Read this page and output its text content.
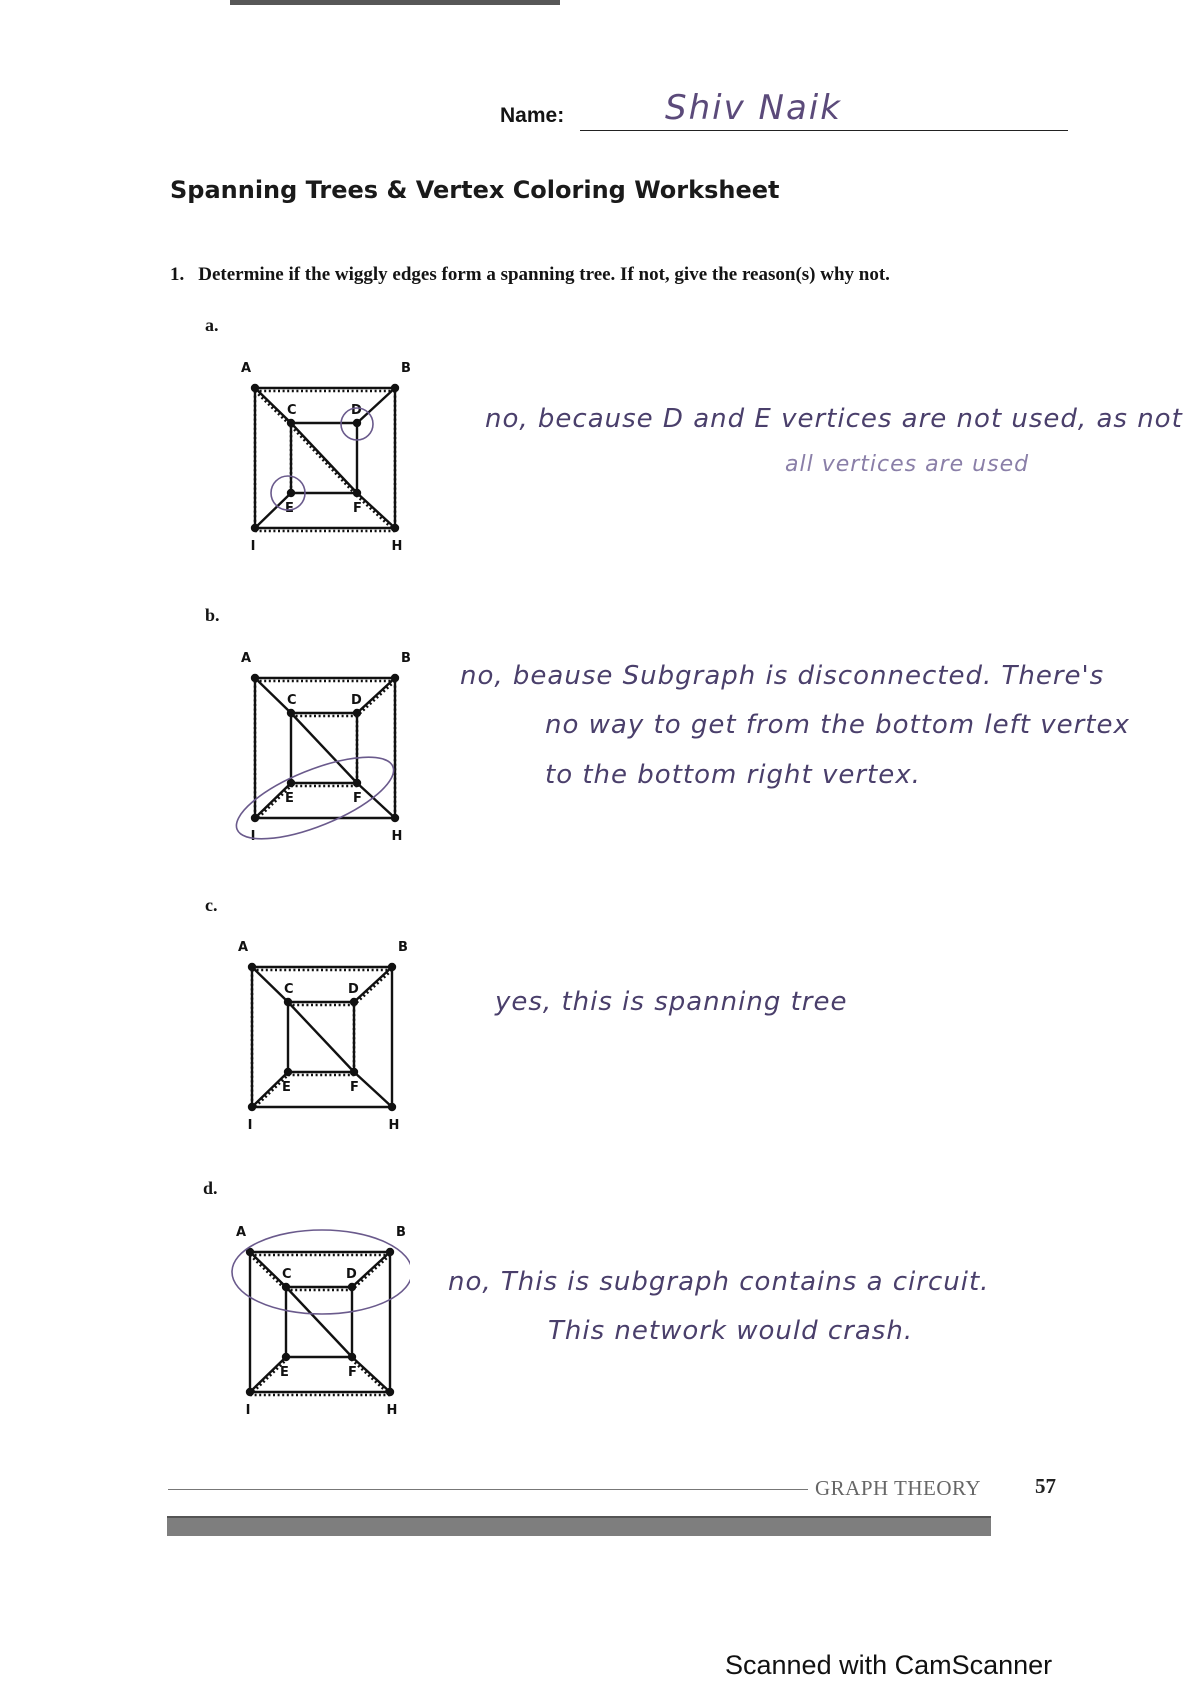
Name:	Shiv Naik
Spanning Trees & Vertex Coloring Worksheet
1. Determine if the wiggly edges form a spanning tree. If not, give the reason(s) why not.
a.
A	B
C	D
E	F
I	H
no, because D and E vertices are not used, as not
all vertices are used
b.
A	B
C	D
E	F
I	H
no, beause Subgraph is disconnected. There's
no way to get from the bottom left vertex
to the bottom right vertex.
c.
A	B
C	D
E	F
I	H
yes, this is spanning tree
d.
A	B
C	D
E	F
I	H
no, This is subgraph contains a circuit.
This network would crash.
GRAPH THEORY	57
Scanned with CamScanner
